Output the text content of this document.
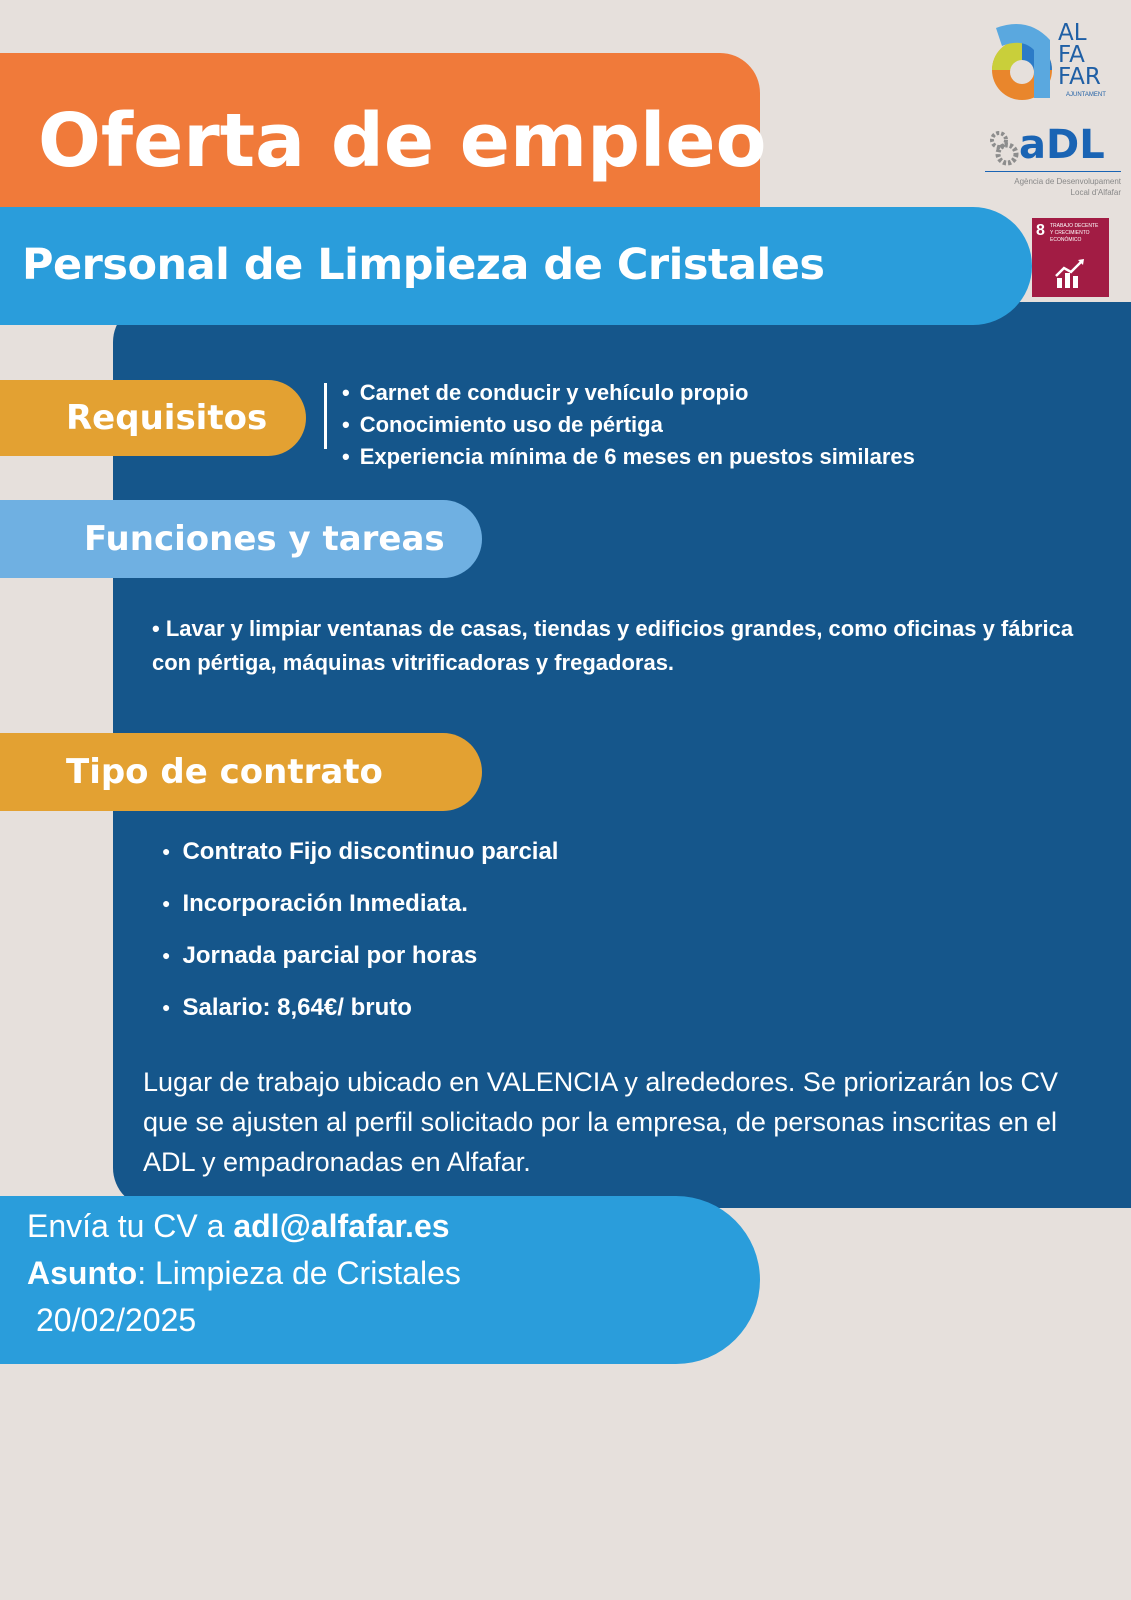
Oferta de empleo
Personal de Limpieza de Cristales
AL
FA
FAR
AJUNTAMENT
aDL
Agència de Desenvolupament
Local d'Alfafar
8 TRABAJO DECENTE
Y CRECIMIENTO
ECONÓMICO
Requisitos
• Carnet de conducir y vehículo propio
• Conocimiento uso de pértiga
• Experiencia mínima de 6 meses en puestos similares
Funciones y tareas
• Lavar y limpiar ventanas de casas, tiendas y edificios grandes, como oficinas y fábrica con pértiga, máquinas vitrificadoras y fregadoras.
Tipo de contrato
● Contrato Fijo discontinuo parcial
● Incorporación Inmediata.
● Jornada parcial por horas
● Salario: 8,64€/ bruto
Lugar de trabajo ubicado en VALENCIA y alrededores. Se priorizarán los CV que se ajusten al perfil solicitado por la empresa, de personas inscritas en el ADL y empadronadas en Alfafar.
Envía tu CV a adl@alfafar.es
Asunto: Limpieza de Cristales
20/02/2025
